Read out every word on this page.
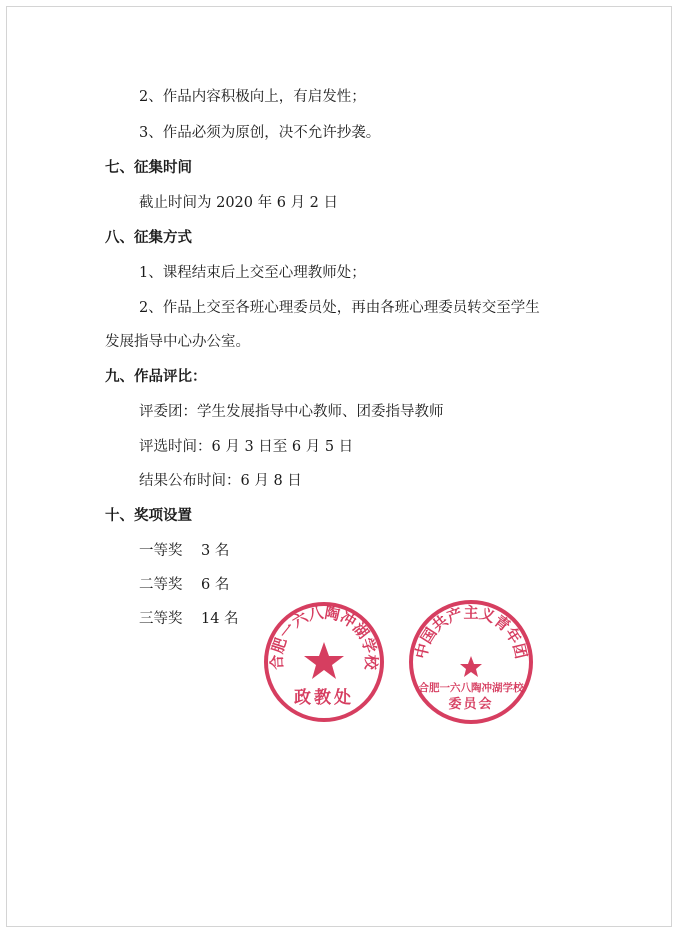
2、作品内容积极向上，有启发性；
3、作品必须为原创，决不允许抄袭。
七、征集时间
截止时间为 2020 年 6 月 2 日
八、征集方式
1、课程结束后上交至心理教师处；
2、作品上交至各班心理委员处，再由各班心理委员转交至学生
发展指导中心办公室。
九、作品评比：
评委团：学生发展指导中心教师、团委指导教师
评选时间：6 月 3 日至 6 月 5 日
结果公布时间：6 月 8 日
十、奖项设置
一等奖 3 名
二等奖 6 名
三等奖 14 名
合肥一六八陶冲湖学校
政教处
中国共产主义青年团
合肥一六八陶冲湖学校
委员会
